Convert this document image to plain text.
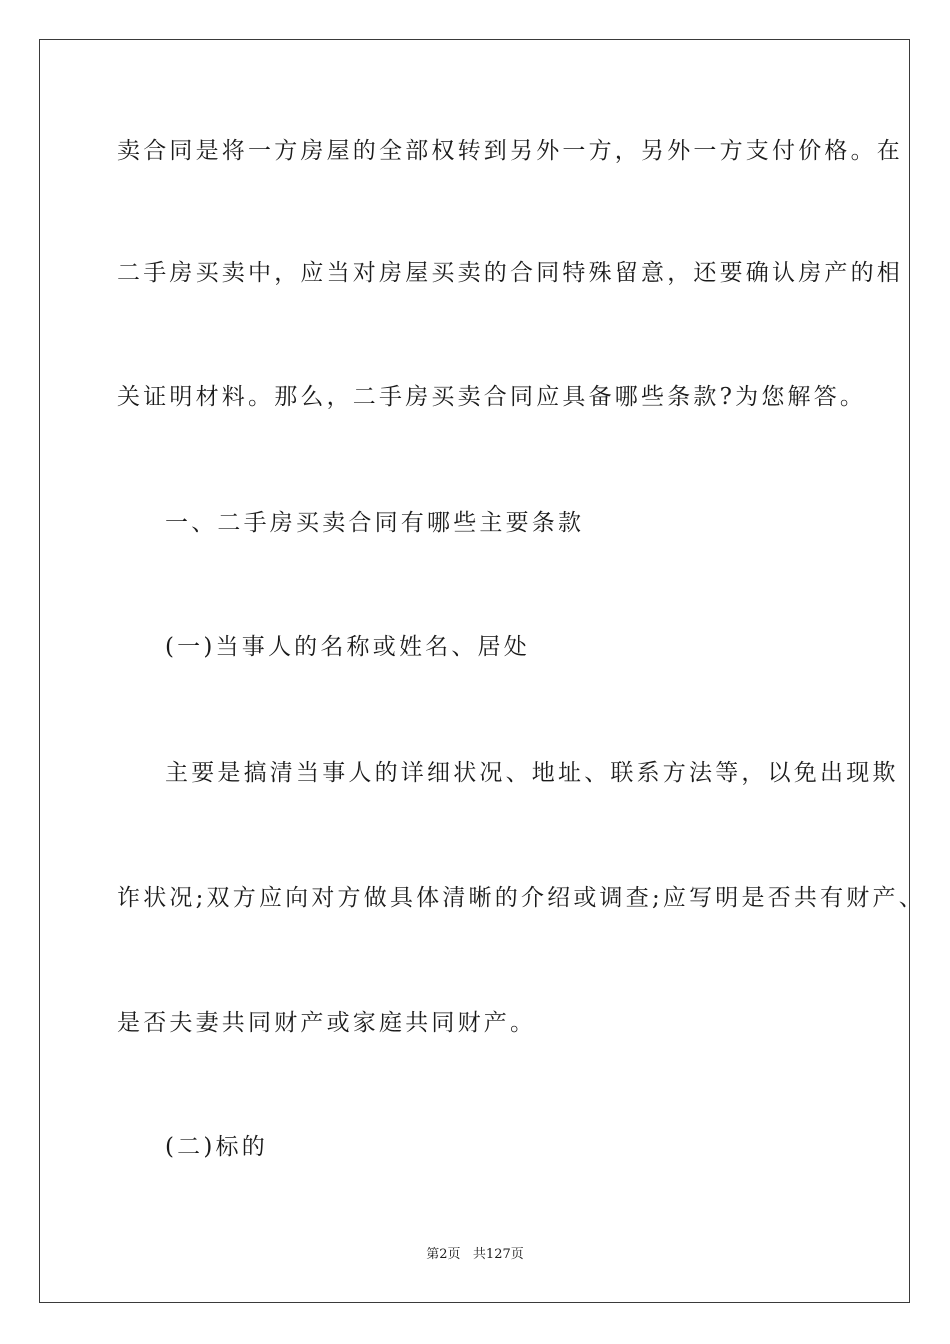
卖合同是将一方房屋的全部权转到另外一方，另外一方支付价格。在
二手房买卖中，应当对房屋买卖的合同特殊留意，还要确认房产的相
关证明材料。那么，二手房买卖合同应具备哪些条款?为您解答。
一、二手房买卖合同有哪些主要条款
(一)当事人的名称或姓名、居处
主要是搞清当事人的详细状况、地址、联系方法等，以免出现欺
诈状况;双方应向对方做具体清晰的介绍或调查;应写明是否共有财产、
是否夫妻共同财产或家庭共同财产。
(二)标的
第2页   共127页
